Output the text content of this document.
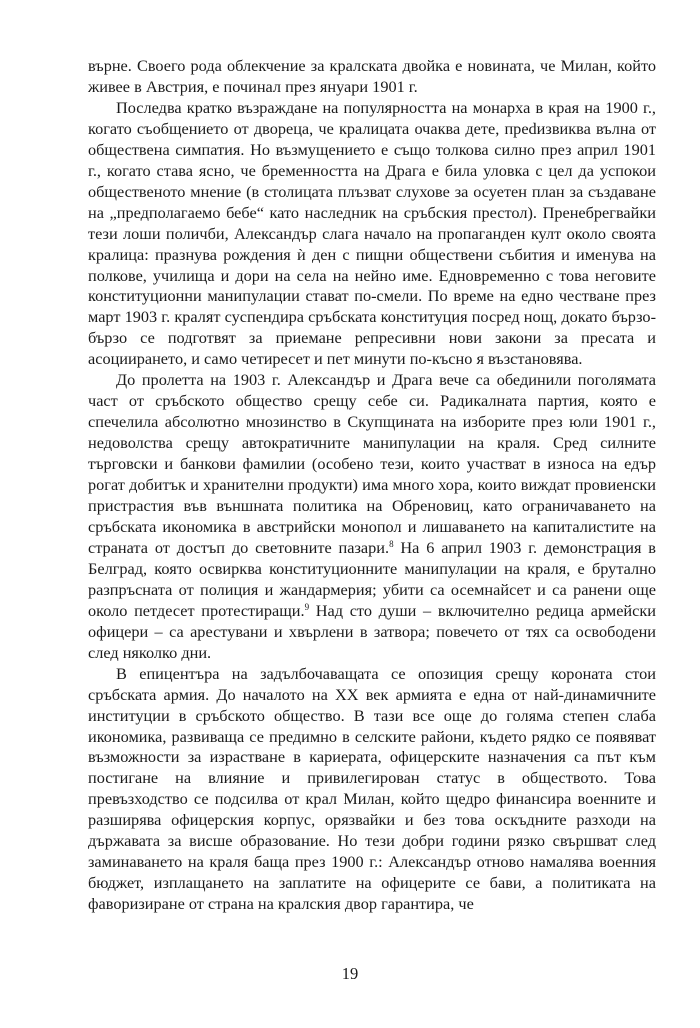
върне. Своего рода облекчение за кралската двойка е новината, че Милан, който живее в Австрия, е починал през януари 1901 г.

Последва кратко възраждане на популярността на монарха в края на 1900 г., когато съобщението от двореца, че кралицата очаква дете, преdизвиква вълна от обществена симпатия. Но възмущението е също толкова силно през април 1901 г., когато става ясно, че бременността на Драга е била уловка с цел да успокои общественото мнение (в столицата плъзват слухове за осуетен план за създаване на „предполагаемо бебе“ като наследник на сръбския престол). Пренебрегвайки тези лоши поличби, Александър слага начало на пропаганден култ около своята кралица: празнува рождения ѝ ден с пищни обществени събития и именува на полкове, училища и дори на села на нейно име. Едновременно с това неговите конституционни манипулации стават по-смели. По време на едно честване през март 1903 г. кралят суспендира сръбската конституция посред нощ, докато бързо-бързо се подготвят за приемане репресивни нови закони за пресата и асоциирането, и само четиресет и пет минути по-късно я възстановява.

До пролетта на 1903 г. Александър и Драга вече са обединили поголямата част от сръбското общество срещу себе си. Радикалната партия, която е спечелила абсолютно мнозинство в Скупщината на изборите през юли 1901 г., недоволства срещу автократичните манипулации на краля. Сред силните търговски и банкови фамилии (особено тези, които участват в износа на едър рогат добитък и хранителни продукти) има много хора, които виждат провиенски пристрастия във външната политика на Обреновиц, като ограничаването на сръбската икономика в австрийски монопол и лишаването на капиталистите на страната от достъп до световните пазари.$^8$ На 6 април 1903 г. демонстрация в Белград, която освирква конституционните манипулации на краля, е брутално разпръсната от полиция и жандармерия; убити са осемнайсет и са ранени още около петдесет протестиращи.$^9$ Над сто души – включително редица армейски офицери – са арестувани и хвърлени в затвора; повечето от тях са освободени след няколко дни.

В епицентъра на задълбочаващата се опозиция срещу короната стои сръбската армия. До началото на XX век армията е една от най-динамичните институции в сръбското общество. В тази все още до голяма степен слаба икономика, развиваща се предимно в селските райони, където рядко се появяват възможности за израстване в кариерата, офицерските назначения са път към постигане на влияние и привилегирован статус в обществото. Това превъзходство се подсилва от крал Милан, който щедро финансира военните и разширява офицерския корпус, орязвайки и без това оскъдните разходи на държавата за висше образование. Но тези добри години рязко свършват след заминаването на краля баща през 1900 г.: Александър отново намалява военния бюджет, изплащането на заплатите на офицерите се бави, а политиката на фаворизиране от страна на кралския двор гарантира, че

19
